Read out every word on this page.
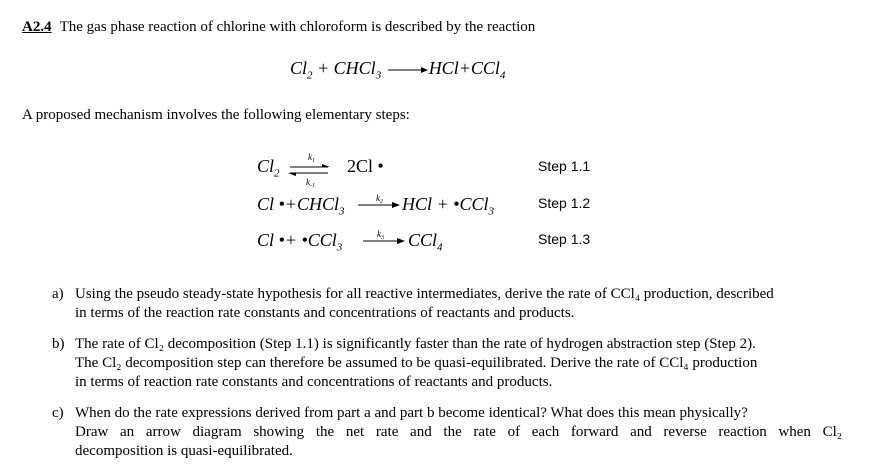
A2.4 The gas phase reaction of chlorine with chloroform is described by the reaction
$Cl_2$ + CHCl$_3$ →HCl+CCl$_4$
A proposed mechanism involves the following elementary steps:
$Cl_2$
$k_1$
$k_{-1}$
2Cl •	Step 1.1
Cl •+CHCl$_3$
$k_2$ HCl + •CCl$_3$
Step 1.2
Cl •+ •CCl$_3$
$k_3$ CCl$_4$
Step 1.3
a) Using the pseudo steady-state hypothesis for all reactive intermediates, derive the rate of CCl₄ production, described
in terms of the reaction rate constants and concentrations of reactants and products.
b) The rate of Cl₂ decomposition (Step 1.1) is significantly faster than the rate of hydrogen abstraction step (Step 2).
The Cl₂ decomposition step can therefore be assumed to be quasi-equilibrated. Derive the rate of CCl₄ production
in terms of reaction rate constants and concentrations of reactants and products.
c) When do the rate expressions derived from part a and part b become identical? What does this mean physically?
Draw an arrow diagram showing the net rate and the rate of each forward and reverse reaction when Cl₂
decomposition is quasi-equilibrated.
